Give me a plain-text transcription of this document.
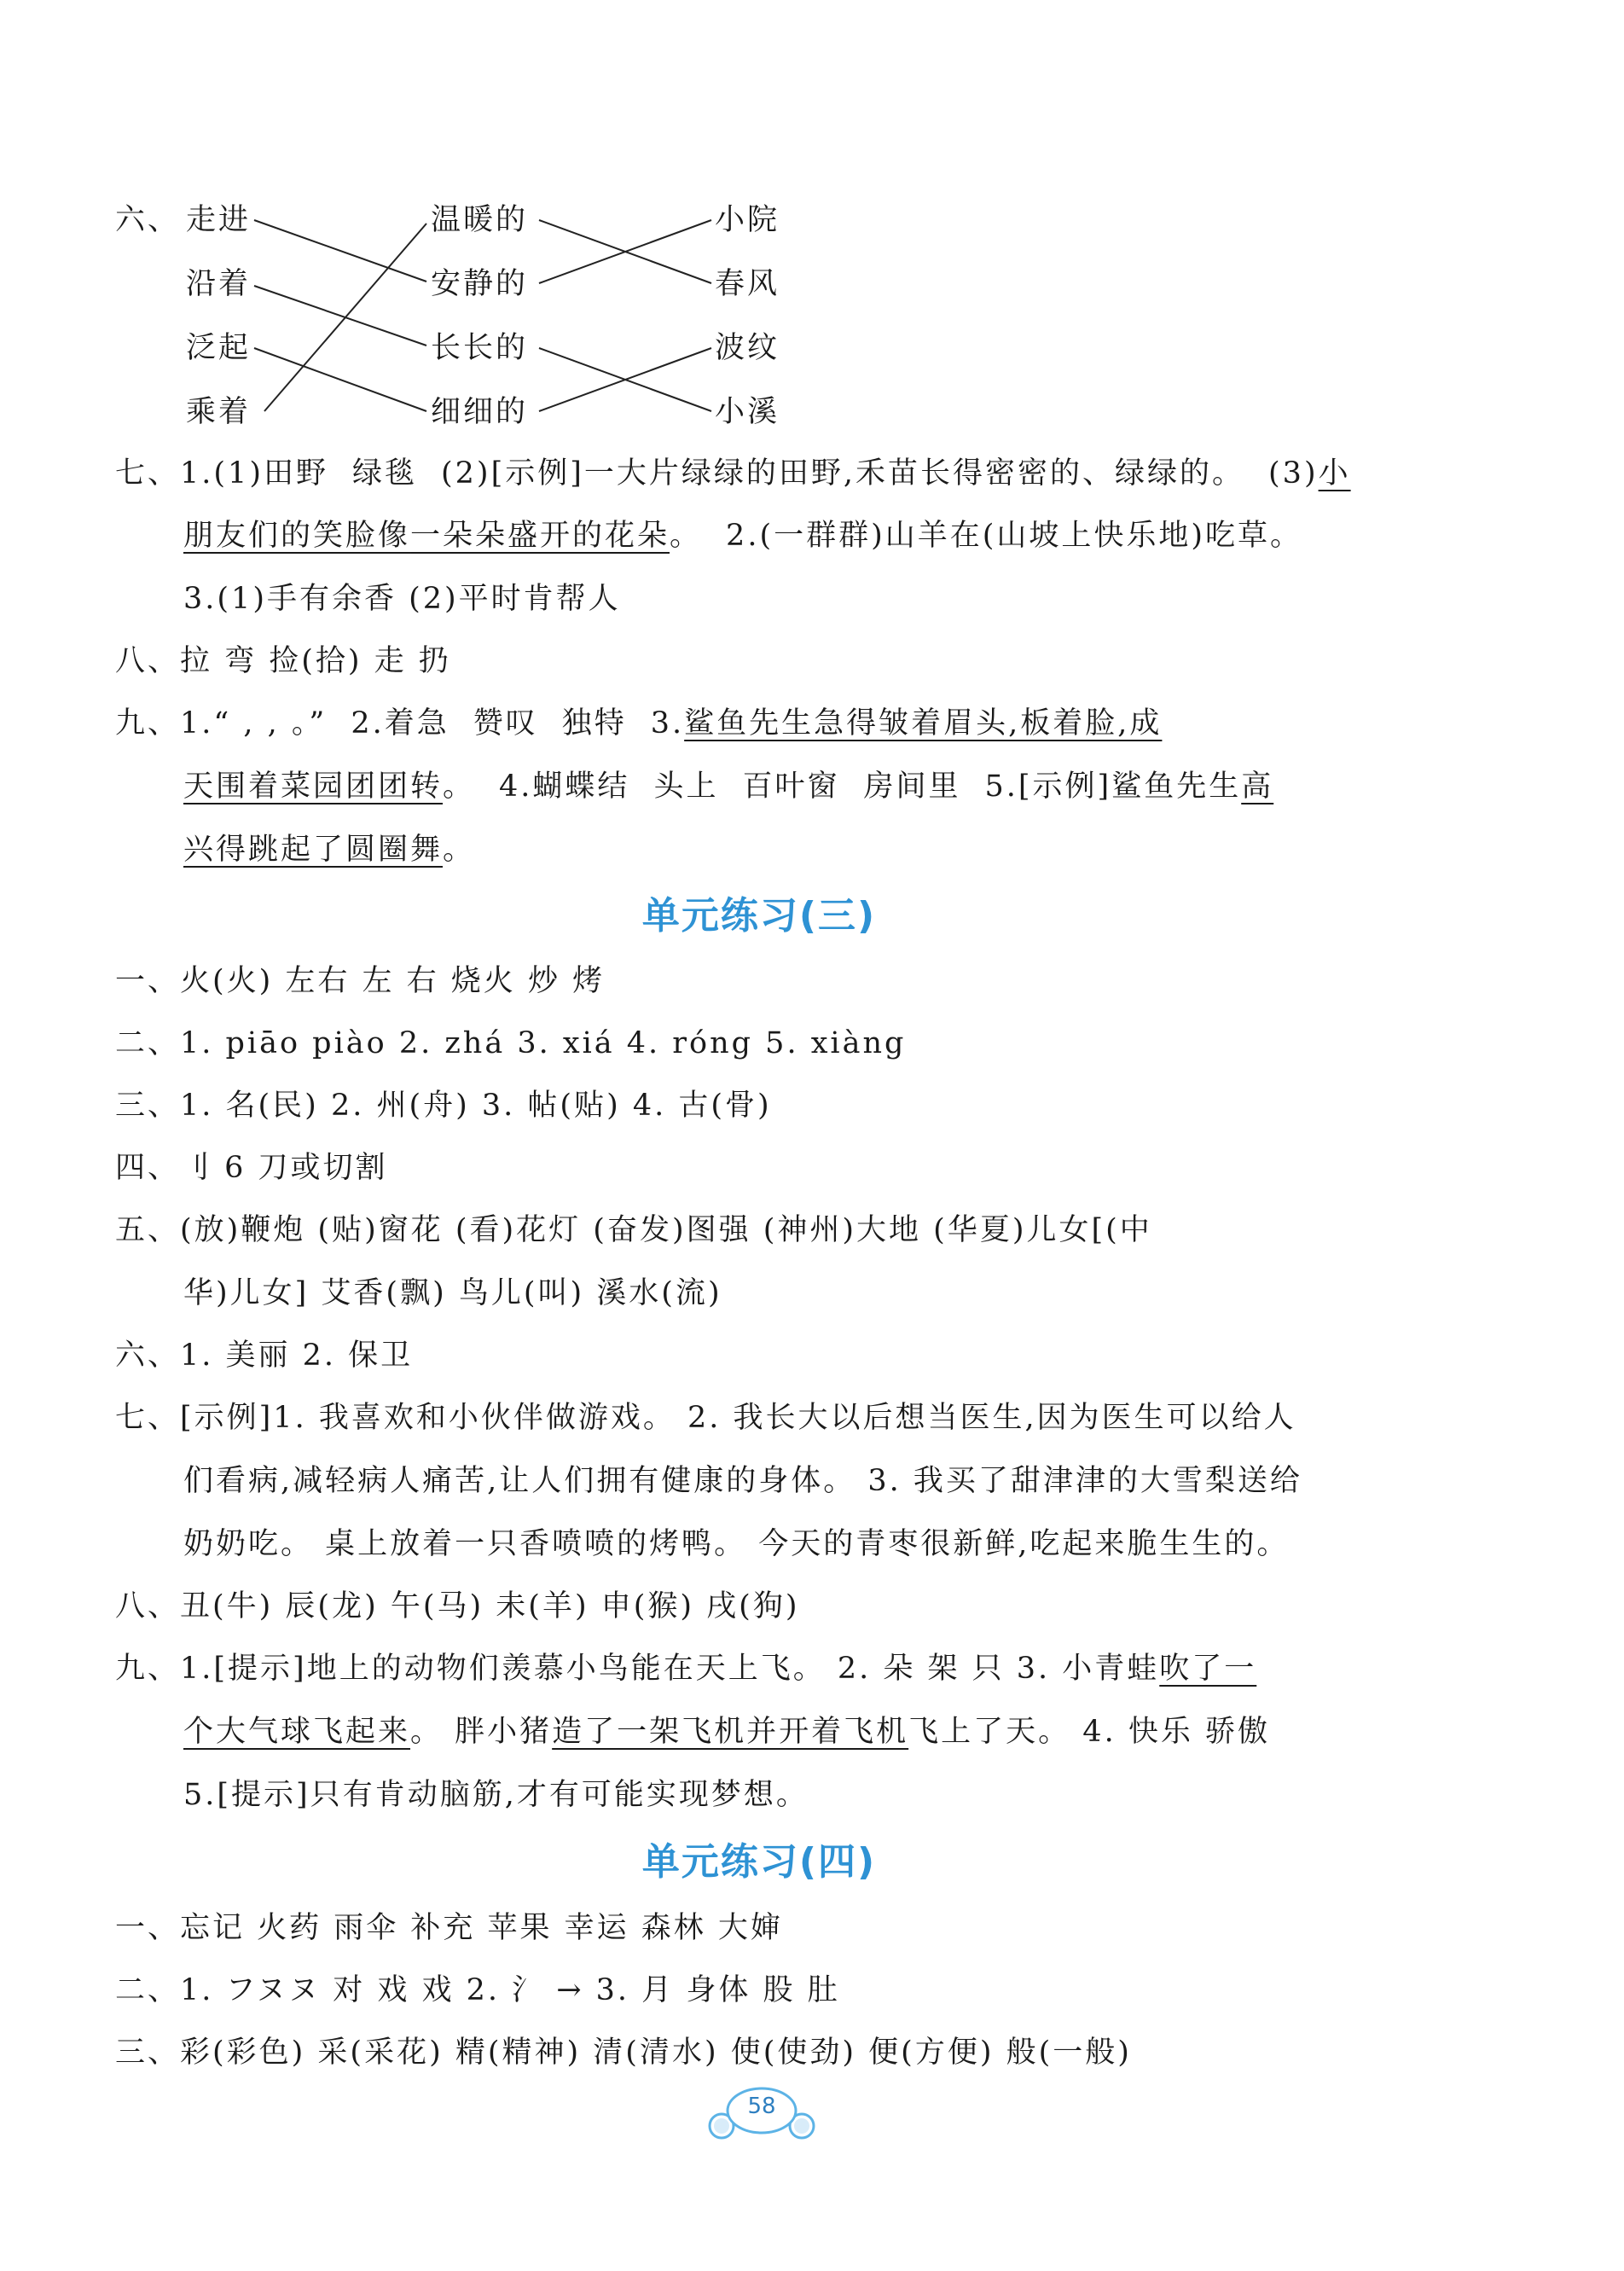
六、 走进
沿着
泛起
乘着
温暖的
安静的
长长的
细细的
小院
春风
波纹
小溪
七、1.(1)田野 绿毯 (2)[示例]一大片绿绿的田野,禾苗长得密密的、绿绿的。 (3)小
朋友们的笑脸像一朵朵盛开的花朵。 2.(一群群)山羊在(山坡上快乐地)吃草。
3.(1)手有余香 (2)平时肯帮人
八、拉 弯 捡(拾) 走 扔
九、1.“ , , 。” 2.着急 赞叹 独特 3.鲨鱼先生急得皱着眉头,板着脸,成
天围着菜园团团转。 4.蝴蝶结 头上 百叶窗 房间里 5.[示例]鲨鱼先生高
兴得跳起了圆圈舞。
单元练习(三)
一、火(火) 左右 左 右 烧火 炒 烤
二、1. piāo piào 2. zhá 3. xiá 4. róng 5. xiàng
三、1. 名(民) 2. 州(舟) 3. 帖(贴) 4. 古(骨)
四、刂 6 刀或切割
五、(放)鞭炮 (贴)窗花 (看)花灯 (奋发)图强 (神州)大地 (华夏)儿女[(中
华)儿女] 艾香(飘) 鸟儿(叫) 溪水(流)
六、1. 美丽 2. 保卫
七、[示例]1. 我喜欢和小伙伴做游戏。 2. 我长大以后想当医生,因为医生可以给人
们看病,减轻病人痛苦,让人们拥有健康的身体。 3. 我买了甜津津的大雪梨送给
奶奶吃。 桌上放着一只香喷喷的烤鸭。 今天的青枣很新鲜,吃起来脆生生的。
八、丑(牛) 辰(龙) 午(马) 未(羊) 申(猴) 戌(狗)
九、1.[提示]地上的动物们羡慕小鸟能在天上飞。 2. 朵 架 只 3. 小青蛙吹了一
个大气球飞起来。 胖小猪造了一架飞机并开着飞机飞上了天。 4. 快乐 骄傲
5.[提示]只有肯动脑筋,才有可能实现梦想。
单元练习(四)
一、忘记 火药 雨伞 补充 苹果 幸运 森林 大婶
二、1. フヌヌ 对 戏 戏 2. 氵 → 3. 月 身体 股 肚
三、彩(彩色) 采(采花) 精(精神) 清(清水) 使(使劲) 便(方便) 般(一般)
58
